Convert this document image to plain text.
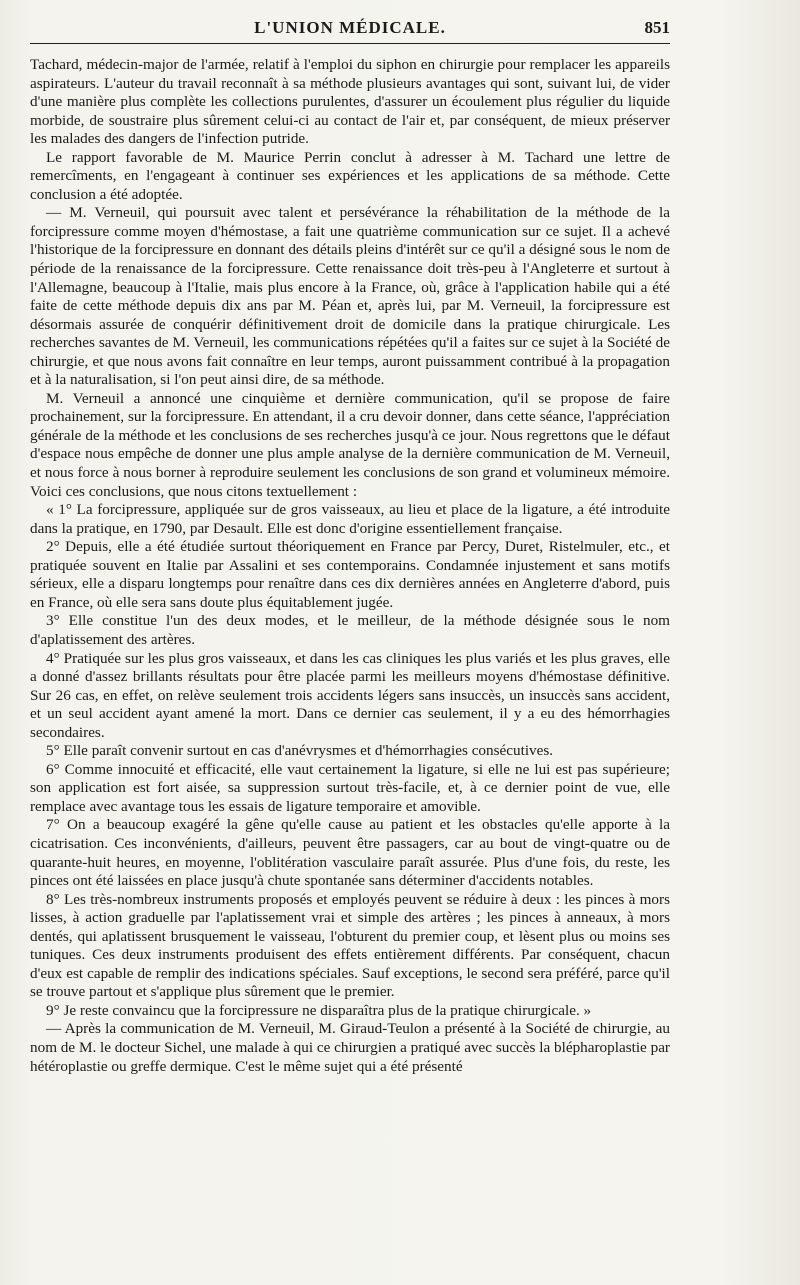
L'UNION MÉDICALE.	851

Tachard, médecin-major de l'armée, relatif à l'emploi du siphon en chirurgie pour remplacer les appareils aspirateurs. L'auteur du travail reconnaît à sa méthode plusieurs avantages qui sont, suivant lui, de vider d'une manière plus complète les collections purulentes, d'assurer un écoulement plus régulier du liquide morbide, de soustraire plus sûrement celui-ci au contact de l'air et, par conséquent, de mieux préserver les malades des dangers de l'infection putride.

Le rapport favorable de M. Maurice Perrin conclut à adresser à M. Tachard une lettre de remercîments, en l'engageant à continuer ses expériences et les applications de sa méthode. Cette conclusion a été adoptée.

— M. Verneuil, qui poursuit avec talent et persévérance la réhabilitation de la méthode de la forcipressure comme moyen d'hémostase, a fait une quatrième communication sur ce sujet. Il a achevé l'historique de la forcipressure en donnant des détails pleins d'intérêt sur ce qu'il a désigné sous le nom de période de la renaissance de la forcipressure. Cette renaissance doit très-peu à l'Angleterre et surtout à l'Allemagne, beaucoup à l'Italie, mais plus encore à la France, où, grâce à l'application habile qui a été faite de cette méthode depuis dix ans par M. Péan et, après lui, par M. Verneuil, la forcipressure est désormais assurée de conquérir définitivement droit de domicile dans la pratique chirurgicale. Les recherches savantes de M. Verneuil, les communications répétées qu'il a faites sur ce sujet à la Société de chirurgie, et que nous avons fait connaître en leur temps, auront puissamment contribué à la propagation et à la naturalisation, si l'on peut ainsi dire, de sa méthode.

M. Verneuil a annoncé une cinquième et dernière communication, qu'il se propose de faire prochainement, sur la forcipressure. En attendant, il a cru devoir donner, dans cette séance, l'appréciation générale de la méthode et les conclusions de ses recherches jusqu'à ce jour. Nous regrettons que le défaut d'espace nous empêche de donner une plus ample analyse de la dernière communication de M. Verneuil, et nous force à nous borner à reproduire seulement les conclusions de son grand et volumineux mémoire. Voici ces conclusions, que nous citons textuellement :

« 1° La forcipressure, appliquée sur de gros vaisseaux, au lieu et place de la ligature, a été introduite dans la pratique, en 1790, par Desault. Elle est donc d'origine essentiellement française.

2° Depuis, elle a été étudiée surtout théoriquement en France par Percy, Duret, Ristelmuler, etc., et pratiquée souvent en Italie par Assalini et ses contemporains. Condamnée injustement et sans motifs sérieux, elle a disparu longtemps pour renaître dans ces dix dernières années en Angleterre d'abord, puis en France, où elle sera sans doute plus équitablement jugée.

3° Elle constitue l'un des deux modes, et le meilleur, de la méthode désignée sous le nom d'aplatissement des artères.

4° Pratiquée sur les plus gros vaisseaux, et dans les cas cliniques les plus variés et les plus graves, elle a donné d'assez brillants résultats pour être placée parmi les meilleurs moyens d'hémostase définitive. Sur 26 cas, en effet, on relève seulement trois accidents légers sans insuccès, un insuccès sans accident, et un seul accident ayant amené la mort. Dans ce dernier cas seulement, il y a eu des hémorrhagies secondaires.

5° Elle paraît convenir surtout en cas d'anévrysmes et d'hémorrhagies consécutives.

6° Comme innocuité et efficacité, elle vaut certainement la ligature, si elle ne lui est pas supérieure; son application est fort aisée, sa suppression surtout très-facile, et, à ce dernier point de vue, elle remplace avec avantage tous les essais de ligature temporaire et amovible.

7° On a beaucoup exagéré la gêne qu'elle cause au patient et les obstacles qu'elle apporte à la cicatrisation. Ces inconvénients, d'ailleurs, peuvent être passagers, car au bout de vingt-quatre ou de quarante-huit heures, en moyenne, l'oblitération vasculaire paraît assurée. Plus d'une fois, du reste, les pinces ont été laissées en place jusqu'à chute spontanée sans déterminer d'accidents notables.

8° Les très-nombreux instruments proposés et employés peuvent se réduire à deux : les pinces à mors lisses, à action graduelle par l'aplatissement vrai et simple des artères ; les pinces à anneaux, à mors dentés, qui aplatissent brusquement le vaisseau, l'obturent du premier coup, et lèsent plus ou moins ses tuniques. Ces deux instruments produisent des effets entièrement différents. Par conséquent, chacun d'eux est capable de remplir des indications spéciales. Sauf exceptions, le second sera préféré, parce qu'il se trouve partout et s'applique plus sûrement que le premier.

9° Je reste convaincu que la forcipressure ne disparaîtra plus de la pratique chirurgicale. »

— Après la communication de M. Verneuil, M. Giraud-Teulon a présenté à la Société de chirurgie, au nom de M. le docteur Sichel, une malade à qui ce chirurgien a pratiqué avec succès la blépharoplastie par hétéroplastie ou greffe dermique. C'est le même sujet qui a été présenté
